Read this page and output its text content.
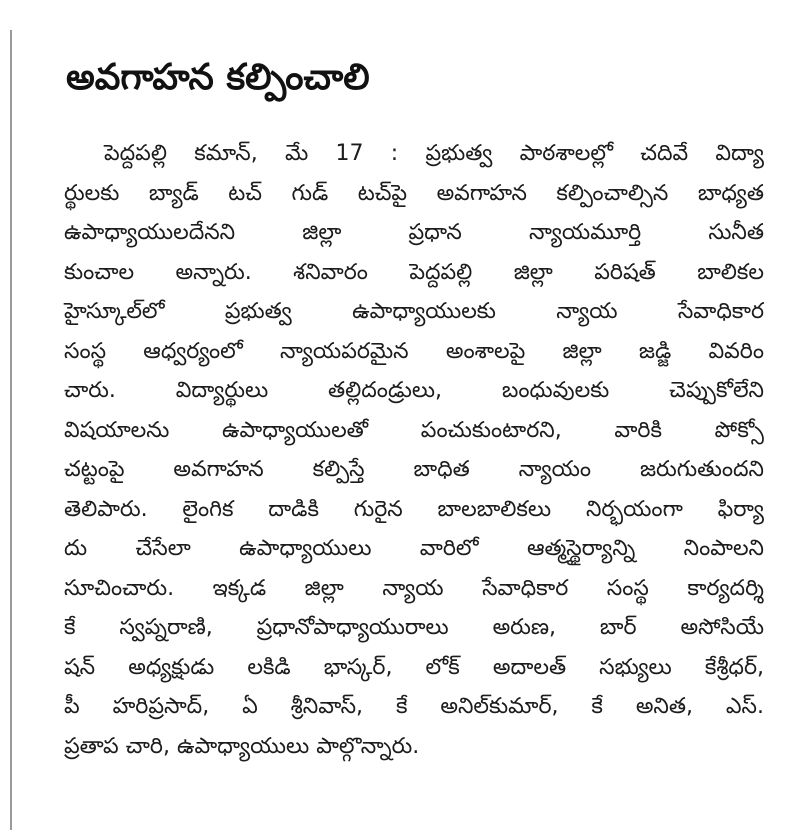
అవగాహన కల్పించాలి
పెద్దపల్లి కమాన్, మే 17 : ప్రభుత్వ పాఠశాలల్లో చదివే విద్యా
ర్థులకు బ్యాడ్ టచ్ గుడ్ టచ్‌పై అవగాహన కల్పించాల్సిన బాధ్యత
ఉపాధ్యాయులదేనని జిల్లా ప్రధాన న్యాయమూర్తి సునీత
కుంచాల అన్నారు. శనివారం పెద్దపల్లి జిల్లా పరిషత్ బాలికల
హైస్కూల్‌లో ప్రభుత్వ ఉపాధ్యాయులకు న్యాయ సేవాధికార
సంస్థ ఆధ్వర్యంలో న్యాయపరమైన అంశాలపై జిల్లా జడ్జి వివరిం
చారు. విద్యార్థులు తల్లిదండ్రులు, బంధువులకు చెప్పుకోలేని
విషయాలను ఉపాధ్యాయులతో పంచుకుంటారని, వారికి పోక్సో
చట్టంపై అవగాహన కల్పిస్తే బాధిత న్యాయం జరుగుతుందని
తెలిపారు. లైంగిక దాడికి గురైన బాలబాలికలు నిర్భయంగా ఫిర్యా
దు చేసేలా ఉపాధ్యాయులు వారిలో ఆత్మస్థైర్యాన్ని నింపాలని
సూచించారు. ఇక్కడ జిల్లా న్యాయ సేవాధికార సంస్థ కార్యదర్శి
కే స్వప్నరాణి, ప్రధానోపాధ్యాయురాలు అరుణ, బార్ అసోసియే
షన్ అధ్యక్షుడు లకిడి భాస్కర్, లోక్ అదాలత్ సభ్యులు కేశ్రీధర్,
పీ హరిప్రసాద్, ఏ శ్రీనివాస్, కే అనిల్‌కుమార్, కే అనిత, ఎస్.
ప్రతాప చారి, ఉపాధ్యాయులు పాల్గొన్నారు.
